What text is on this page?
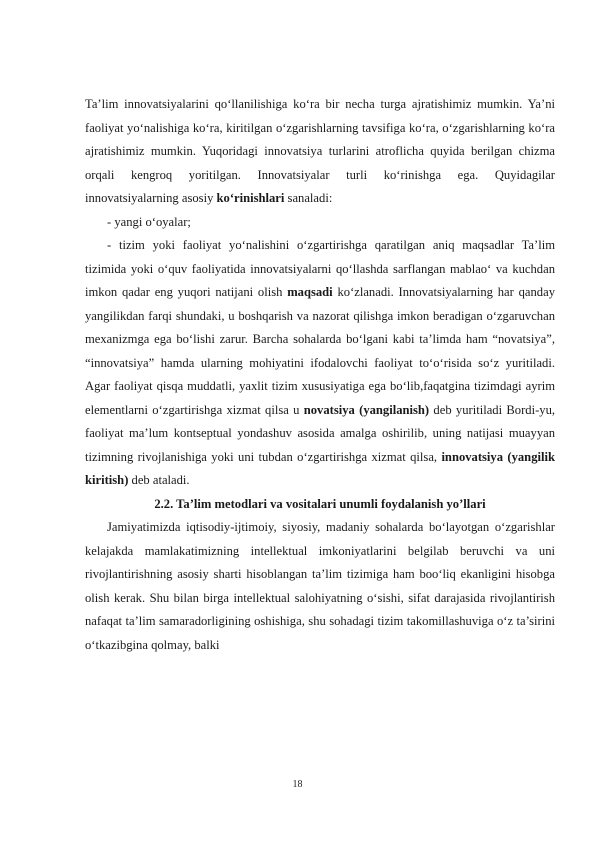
Ta’lim innovatsiyalarini qo‘llanilishiga ko‘ra bir necha turga ajratishimiz mumkin. Ya’ni faoliyat yo‘nalishiga ko‘ra, kiritilgan o‘zgarishlarning tavsifiga ko‘ra, o‘zgarishlarning ko‘ra ajratishimiz mumkin. Yuqoridagi innovatsiya turlarini atroflicha quyida berilgan chizma orqali kengroq yoritilgan. Innovatsiyalar turli ko‘rinishga ega. Quyidagilar innovatsiyalarning asosiy ko‘rinishlari sanaladi:

- yangi o‘oyalar;

- tizim yoki faoliyat yo‘nalishini o‘zgartirishga qaratilgan aniq maqsadlar Ta’lim tizimida yoki o‘quv faoliyatida innovatsiyalarni qo‘llashda sarflangan mablao‘ va kuchdan imkon qadar eng yuqori natijani olish maqsadi ko‘zlanadi. Innovatsiyalarning har qanday yangilikdan farqi shundaki, u boshqarish va nazorat qilishga imkon beradigan o‘zgaruvchan mexanizmga ega bo‘lishi zarur. Barcha sohalarda bo‘lgani kabi ta’limda ham “novatsiya”, “innovatsiya” hamda ularning mohiyatini ifodalovchi faoliyat to‘o‘risida so‘z yuritiladi. Agar faoliyat qisqa muddatli, yaxlit tizim xususiyatiga ega bo‘lib,faqatgina tizimdagi ayrim elementlarni o‘zgartirishga xizmat qilsa u novatsiya (yangilanish) deb yuritiladi Bordi-yu, faoliyat ma’lum kontseptual yondashuv asosida amalga oshirilib, uning natijasi muayyan tizimning rivojlanishiga yoki uni tubdan o‘zgartirishga xizmat qilsa, innovatsiya (yangilik kiritish) deb ataladi.

2.2. Ta’lim metodlari va vositalari unumli foydalanish yo’llari

Jamiyatimizda iqtisodiy-ijtimoiy, siyosiy, madaniy sohalarda bo‘layotgan o‘zgarishlar kelajakda mamlakatimizning intellektual imkoniyatlarini belgilab beruvchi va uni rivojlantirishning asosiy sharti hisoblangan ta’lim tizimiga ham boo‘liq ekanligini hisobga olish kerak. Shu bilan birga intellektual salohiyatning o‘sishi, sifat darajasida rivojlantirish nafaqat ta’lim samaradorligining oshishiga, shu sohadagi tizim takomillashuviga o‘z ta’sirini o‘tkazibgina qolmay, balki

18
